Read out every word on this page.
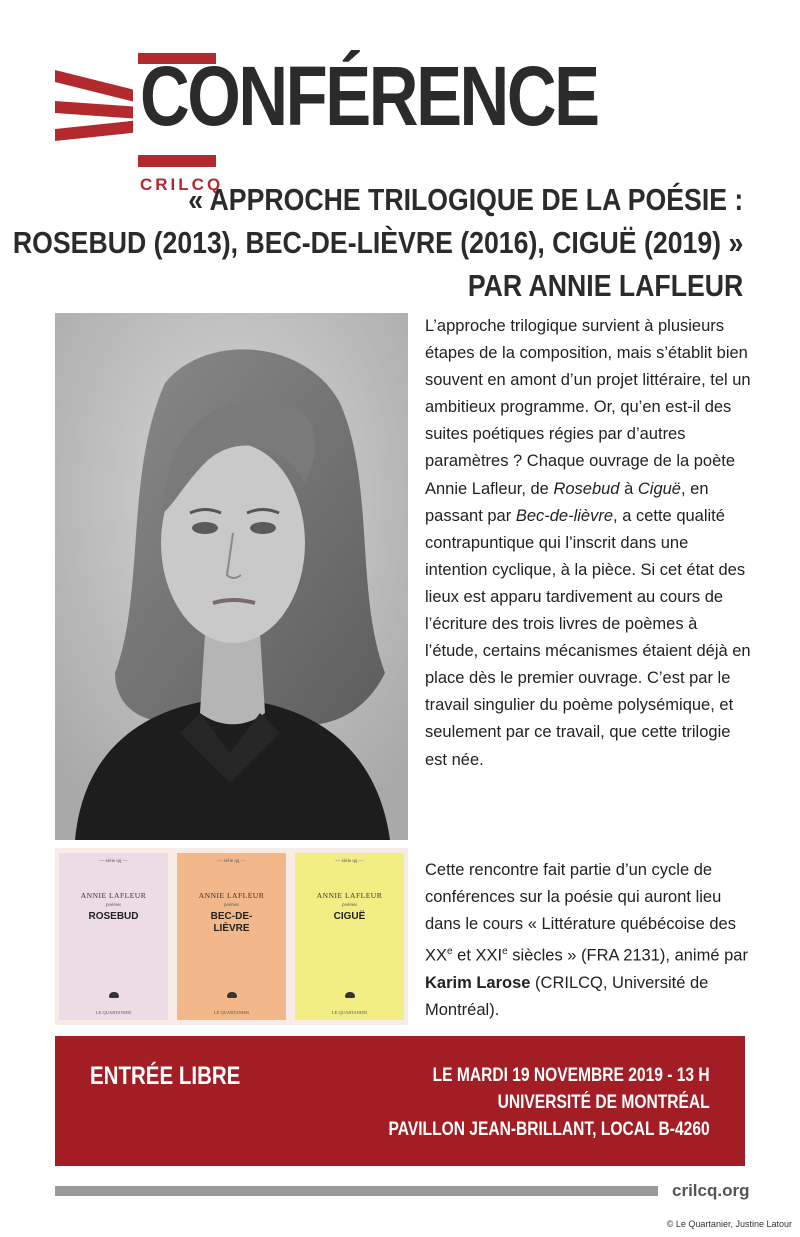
CONFÉRENCE
CRILCQ
« APPROCHE TRILOGIQUE DE LA POÉSIE :
ROSEBUD (2013), BEC-DE-LIÈVRE (2016), CIGUË (2019) »
PAR ANNIE LAFLEUR
L’approche trilogique survient à plusieurs étapes de la composition, mais s’établit bien souvent en amont d’un projet littéraire, tel un ambitieux programme. Or, qu’en est-il des suites poétiques régies par d’autres paramètres ? Chaque ouvrage de la poète Annie Lafleur, de Rosebud à Ciguë, en passant par Bec-de-lièvre, a cette qualité contrapuntique qui l’inscrit dans une intention cyclique, à la pièce. Si cet état des lieux est apparu tardivement au cours de l’écriture des trois livres de poèmes à l’étude, certains mécanismes étaient déjà en place dès le premier ouvrage. C’est par le travail singulier du poème polysémique, et seulement par ce travail, que cette trilogie est née.
— série qq —
ANNIE LAFLEUR
poèmes
ROSEBUD
LE QUARTANIER
— série qq —
ANNIE LAFLEUR
poèmes
BEC-DE-LIÈVRE
LE QUARTANIER
— série qq —
ANNIE LAFLEUR
poèmes
CIGUË
LE QUARTANIER
Cette rencontre fait partie d’un cycle de conférences sur la poésie qui auront lieu dans le cours « Littérature québécoise des XXe et XXIe siècles » (FRA 2131), animé par Karim Larose (CRILCQ, Université de Montréal).
ENTRÉE LIBRE	LE MARDI 19 NOVEMBRE 2019 - 13 H
UNIVERSITÉ DE MONTRÉAL
PAVILLON JEAN-BRILLANT, LOCAL B-4260
crilcq.org
© Le Quartanier, Justine Latour
